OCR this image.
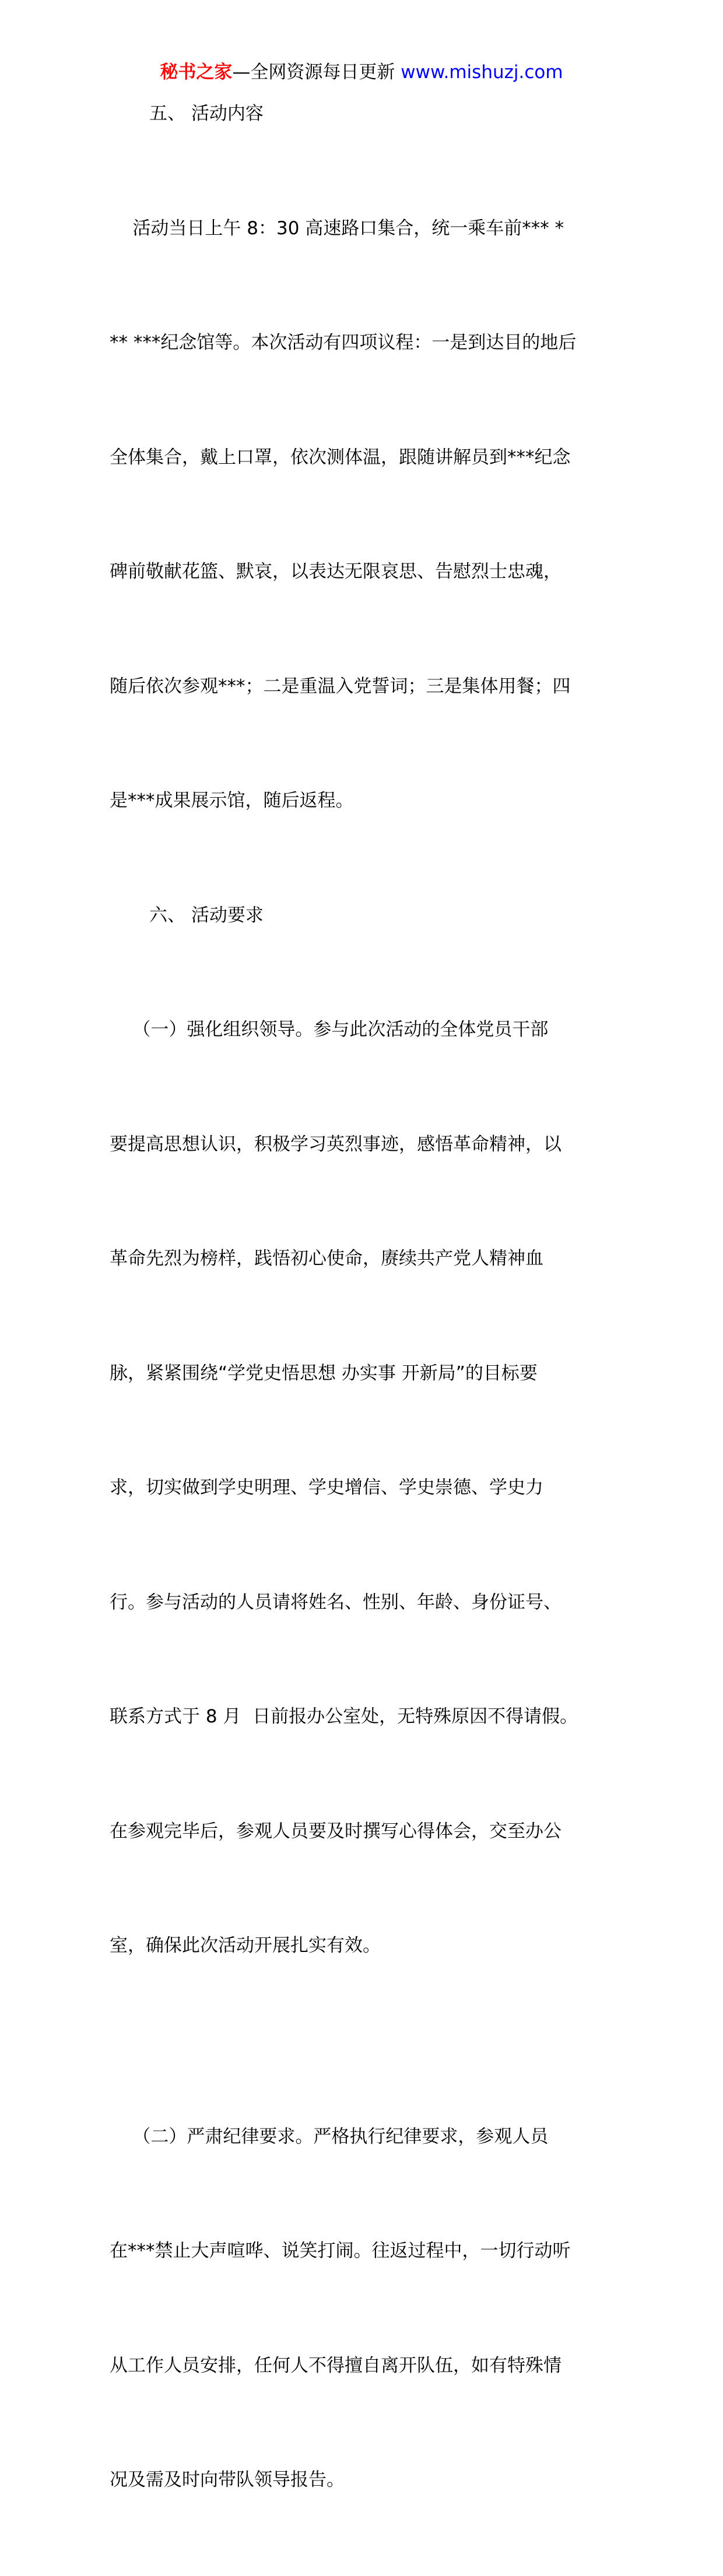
秘书之家—全网资源每日更新 www.mishuzj.com

五、 活动内容

活动当日上午 8：30 高速路口集合，统一乘车前*** *

** ***纪念馆等。本次活动有四项议程：一是到达目的地后

全体集合，戴上口罩，依次测体温，跟随讲解员到***纪念

碑前敬献花篮、默哀，以表达无限哀思、告慰烈士忠魂，

随后依次参观***；二是重温入党誓词；三是集体用餐；四

是***成果展示馆，随后返程。

六、 活动要求

（一）强化组织领导。参与此次活动的全体党员干部

要提高思想认识，积极学习英烈事迹，感悟革命精神，以

革命先烈为榜样，践悟初心使命，赓续共产党人精神血

脉，紧紧围绕“学党史悟思想 办实事 开新局”的目标要

求，切实做到学史明理、学史增信、学史崇德、学史力

行。参与活动的人员请将姓名、性别、年龄、身份证号、

联系方式于 8 月  日前报办公室处，无特殊原因不得请假。

在参观完毕后，参观人员要及时撰写心得体会，交至办公

室，确保此次活动开展扎实有效。

（二）严肃纪律要求。严格执行纪律要求，参观人员

在***禁止大声喧哗、说笑打闹。往返过程中，一切行动听

从工作人员安排，任何人不得擅自离开队伍，如有特殊情

况及需及时向带队领导报告。
